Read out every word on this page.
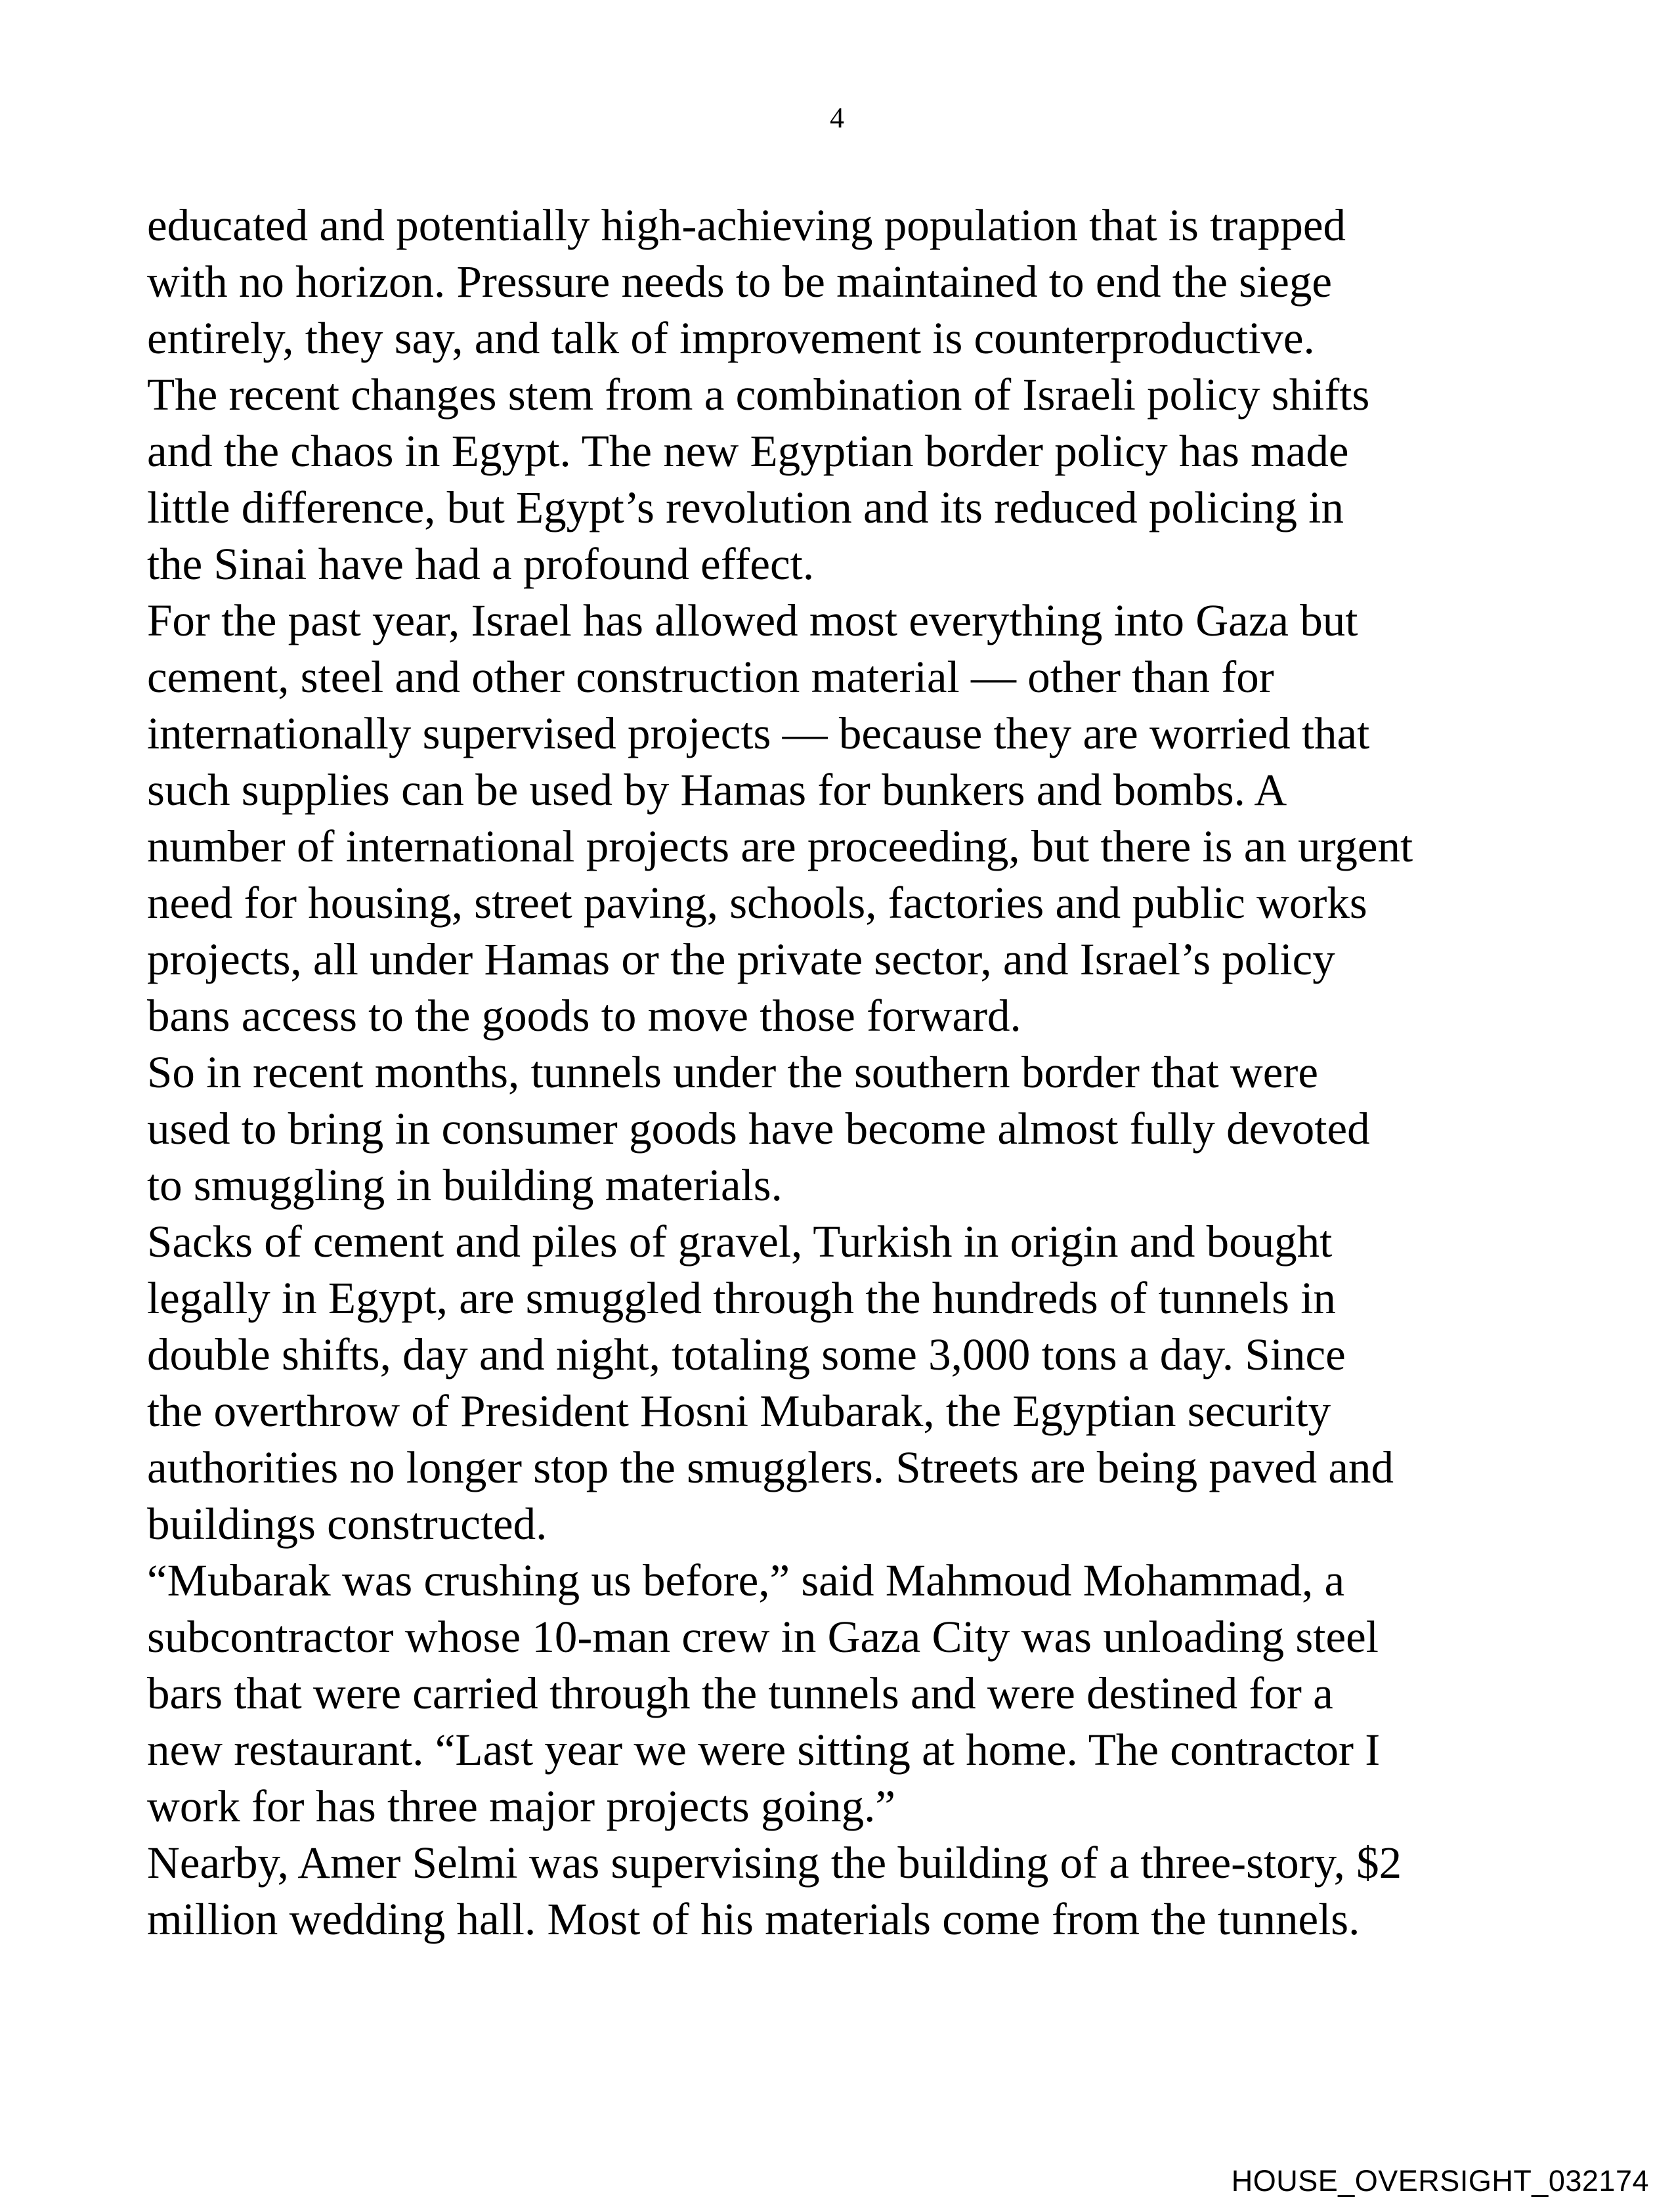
4
educated and potentially high-achieving population that is trapped
with no horizon. Pressure needs to be maintained to end the siege
entirely, they say, and talk of improvement is counterproductive.
The recent changes stem from a combination of Israeli policy shifts
and the chaos in Egypt. The new Egyptian border policy has made
little difference, but Egypt’s revolution and its reduced policing in
the Sinai have had a profound effect.
For the past year, Israel has allowed most everything into Gaza but
cement, steel and other construction material — other than for
internationally supervised projects — because they are worried that
such supplies can be used by Hamas for bunkers and bombs. A
number of international projects are proceeding, but there is an urgent
need for housing, street paving, schools, factories and public works
projects, all under Hamas or the private sector, and Israel’s policy
bans access to the goods to move those forward.
So in recent months, tunnels under the southern border that were
used to bring in consumer goods have become almost fully devoted
to smuggling in building materials.
Sacks of cement and piles of gravel, Turkish in origin and bought
legally in Egypt, are smuggled through the hundreds of tunnels in
double shifts, day and night, totaling some 3,000 tons a day. Since
the overthrow of President Hosni Mubarak, the Egyptian security
authorities no longer stop the smugglers. Streets are being paved and
buildings constructed.
“Mubarak was crushing us before,” said Mahmoud Mohammad, a
subcontractor whose 10-man crew in Gaza City was unloading steel
bars that were carried through the tunnels and were destined for a
new restaurant. “Last year we were sitting at home. The contractor I
work for has three major projects going.”
Nearby, Amer Selmi was supervising the building of a three-story, $2
million wedding hall. Most of his materials come from the tunnels.
HOUSE_OVERSIGHT_032174
